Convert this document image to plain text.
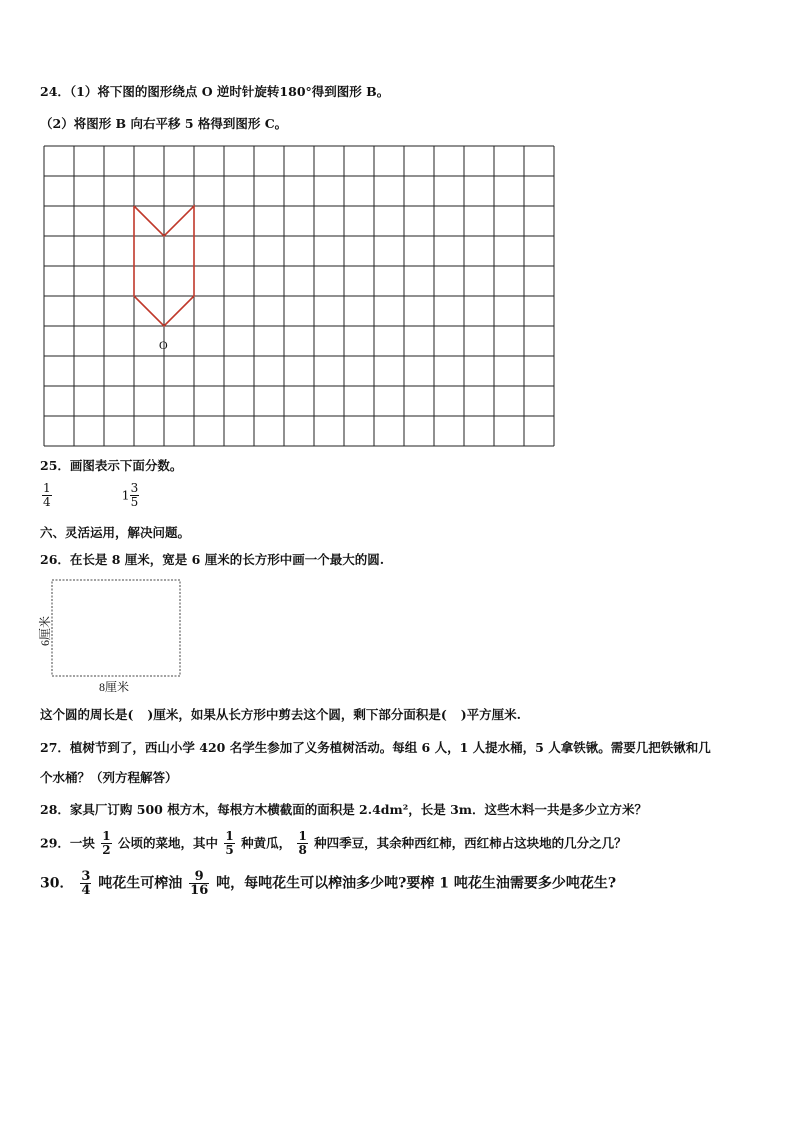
24．（1）将下图的图形绕点 O 逆时针旋转180°得到图形 B。
（2）将图形 B 向右平移 5 格得到图形 C。
O
25．画图表示下面分数。
$\frac{1}{4}$	$1 \frac{3}{5}$
六、灵活运用，解决问题。
26．在长是 8 厘米，宽是 6 厘米的长方形中画一个最大的圆.
6厘米
8厘米
这个圆的周长是( )厘米，如果从长方形中剪去这个圆，剩下部分面积是( )平方厘米.
27．植树节到了，西山小学 420 名学生参加了义务植树活动。每组 6 人，1 人提水桶，5 人拿铁锹。需要几把铁锹和几
个水桶？（列方程解答）
28．家具厂订购 500 根方木，每根方木横截面的面积是 2.4dm²，长是 3m．这些木料一共是多少立方米？
29．一块 $\frac{1}{2}$ 公顷的菜地，其中 $\frac{1}{5}$ 种黄瓜， $\frac{1}{8}$ 种四季豆，其余种西红柿，西红柿占这块地的几分之几？
30． $\frac{3}{4}$ 吨花生可榨油 $\frac{9}{16}$ 吨，每吨花生可以榨油多少吨?要榨 1 吨花生油需要多少吨花生?
